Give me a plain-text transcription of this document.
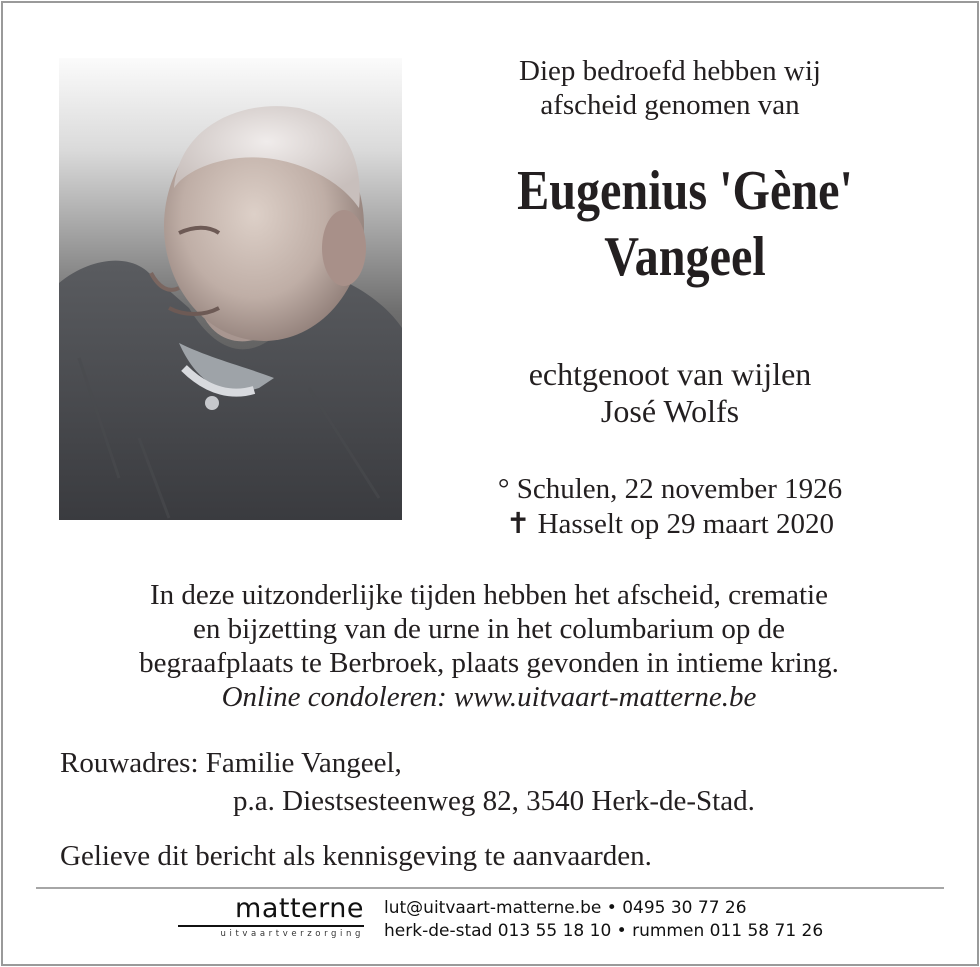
Diep bedroefd hebben wij
afscheid genomen van
Eugenius 'Gène'
Vangeel
echtgenoot van wijlen
José Wolfs
° Schulen, 22 november 1926
✝ Hasselt op 29 maart 2020
In deze uitzonderlijke tijden hebben het afscheid, crematie
en bijzetting van de urne in het columbarium op de
begraafplaats te Berbroek, plaats gevonden in intieme kring.
Online condoleren: www.uitvaart-matterne.be
Rouwadres: Familie Vangeel,
p.a. Diestsesteenweg 82, 3540 Herk-de-Stad.
Gelieve dit bericht als kennisgeving te aanvaarden.
matterne
uitvaartverzorging
lut@uitvaart-matterne.be • 0495 30 77 26
herk-de-stad 013 55 18 10 • rummen 011 58 71 26
